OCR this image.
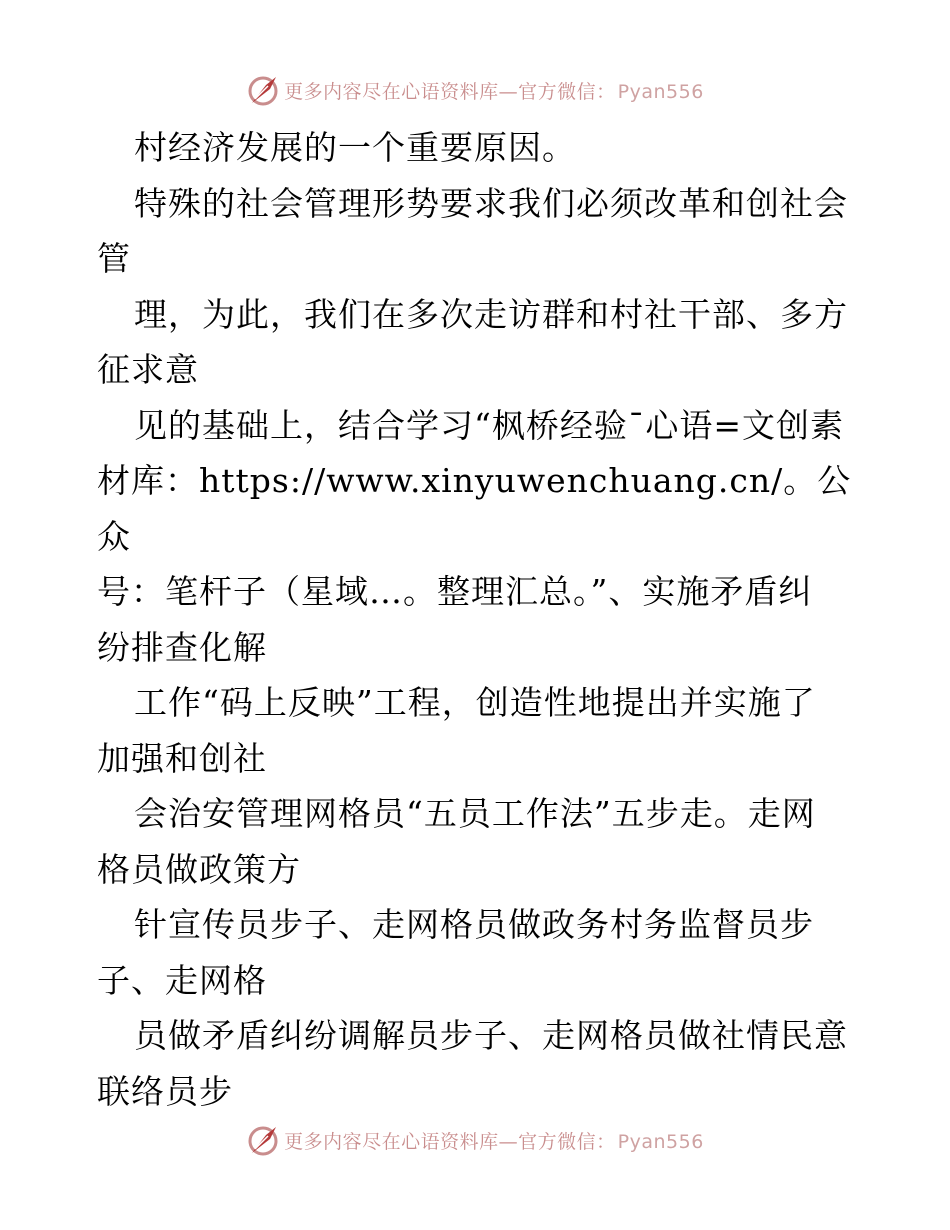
更多内容尽在心语资料库—官方微信： Pyan556

村经济发展的一个重要原因。

特殊的社会管理形势要求我们必须改革和创社会

管

理，为此，我们在多次走访群和村社干部、多方

征求意

见的基础上，结合学习“枫桥经验¯心语=文创素

材库：https://www.xinyuwenchuang.cn/。公众

号：笔杆子（星域…。整理汇总。”、实施矛盾纠

纷排查化解

工作“码上反映”工程，创造性地提出并实施了

加强和创社

会治安管理网格员“五员工作法”五步走。走网

格员做政策方

针宣传员步子、走网格员做政务村务监督员步

子、走网格

员做矛盾纠纷调解员步子、走网格员做社情民意

联络员步

更多内容尽在心语资料库—官方微信： Pyan556
